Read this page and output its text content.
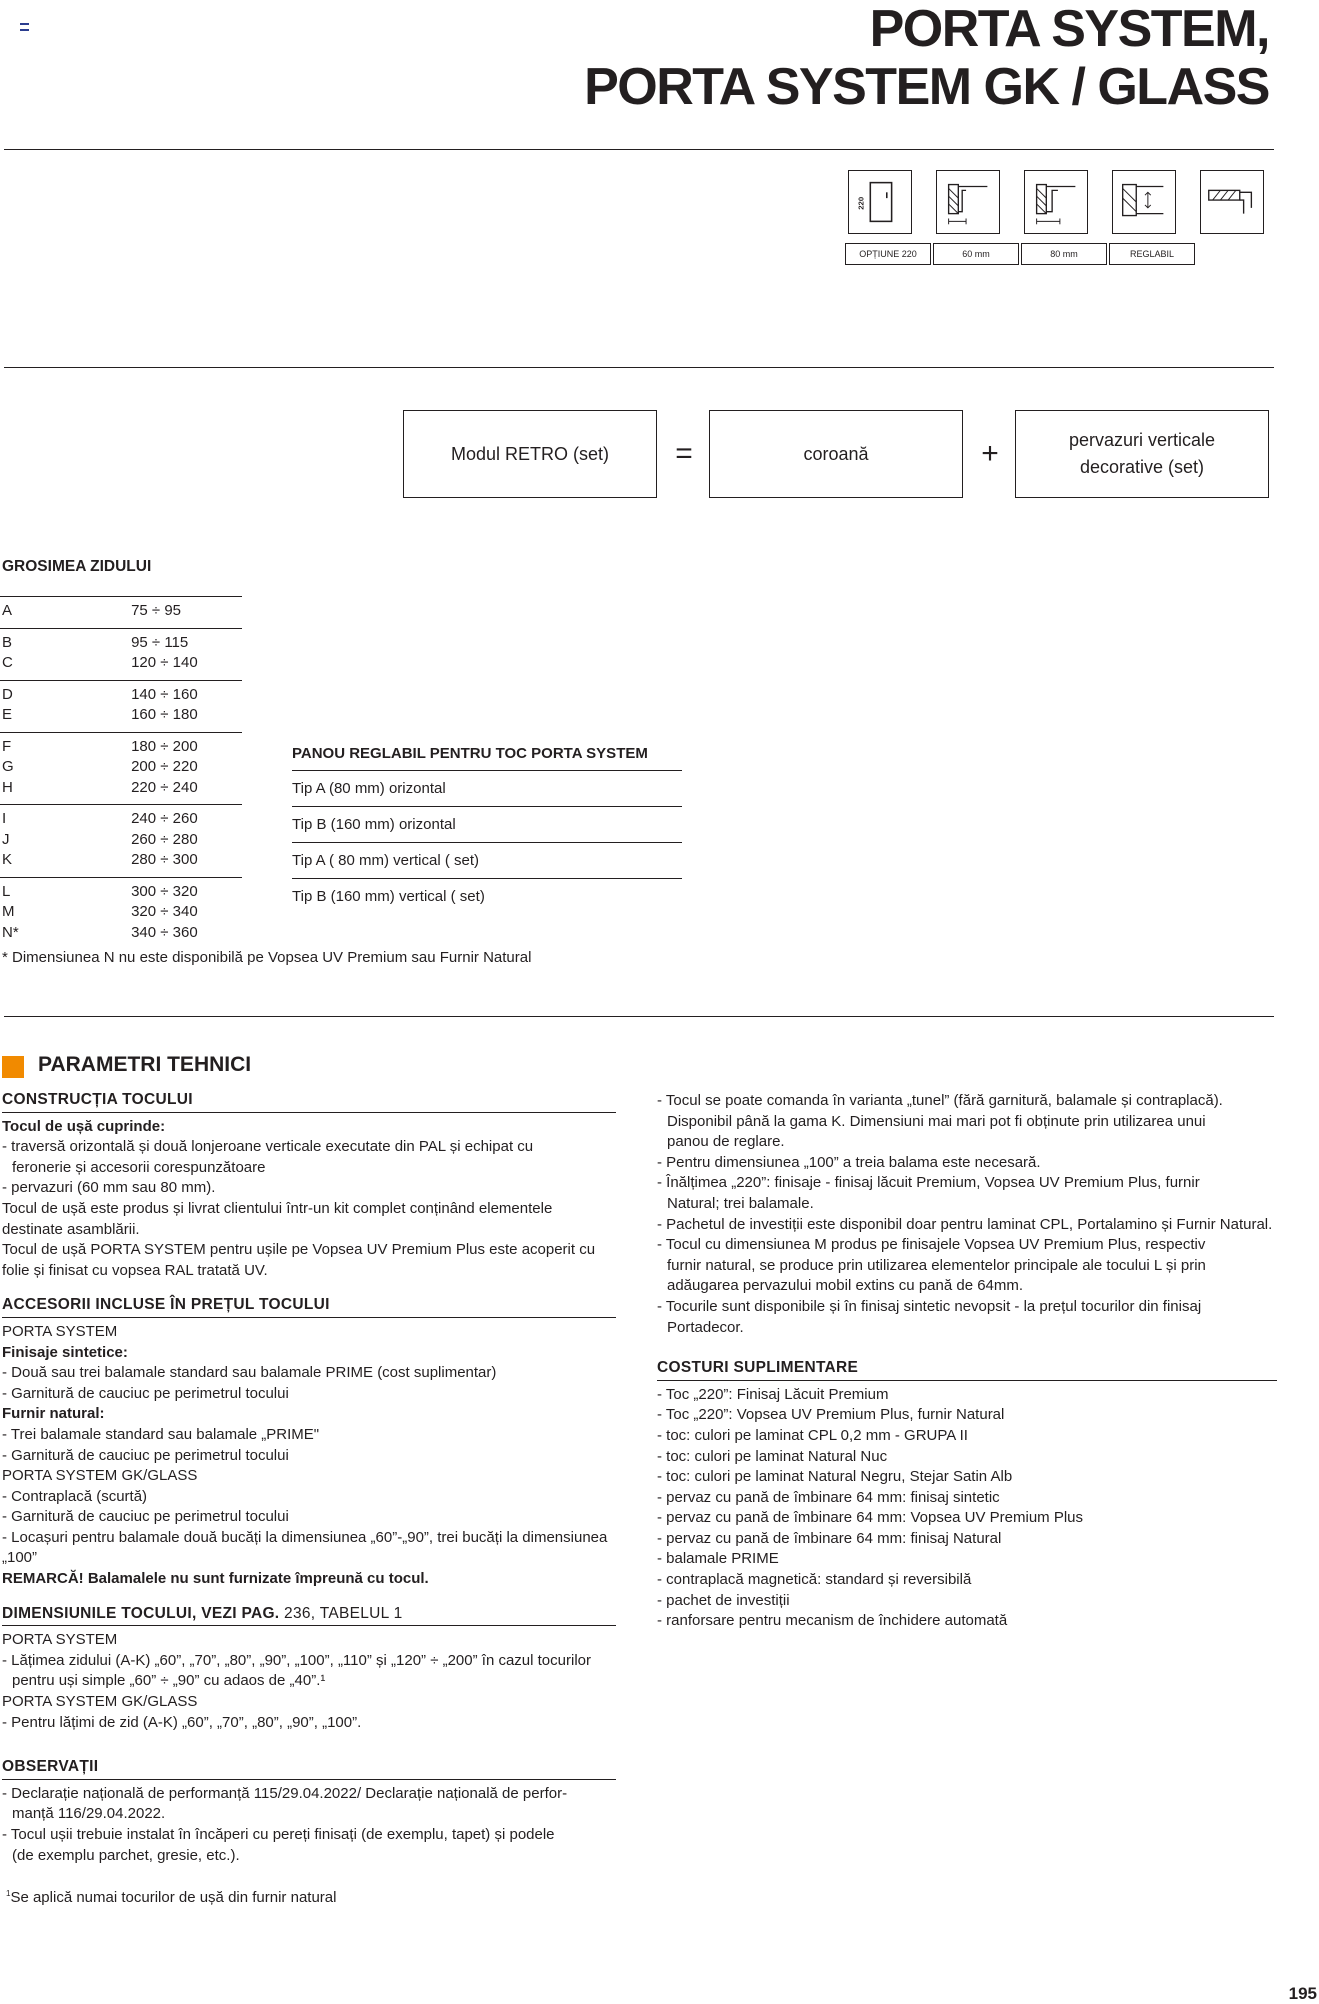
PORTA SYSTEM,
PORTA SYSTEM GK / GLASS
220
OPȚIUNE 220	60 mm	80 mm	REGLABIL
Modul RETRO (set)	=	coroană	+	pervazuri verticale
decorative (set)
GROSIMEA ZIDULUI
A	75 ÷ 95
B	95 ÷ 115
C	120 ÷ 140
D	140 ÷ 160
E	160 ÷ 180
F	180 ÷ 200
G	200 ÷ 220
H	220 ÷ 240
I	240 ÷ 260
J	260 ÷ 280
K	280 ÷ 300
L	300 ÷ 320
M	320 ÷ 340
N*	340 ÷ 360
PANOU REGLABIL PENTRU TOC PORTA SYSTEM
Tip A (80 mm) orizontal
Tip B (160 mm) orizontal
Tip A ( 80 mm) vertical ( set)
Tip B (160 mm) vertical ( set)
* Dimensiunea N nu este disponibilă pe Vopsea UV Premium sau Furnir Natural
PARAMETRI TEHNICI
CONSTRUCȚIA TOCULUI
Tocul de ușă cuprinde:
- traversă orizontală și două lonjeroane verticale executate din PAL și echipat cu
feronerie și accesorii corespunzătoare
- pervazuri (60 mm sau 80 mm).
Tocul de ușă este produs și livrat clientului într-un kit complet conținând elementele
destinate asamblării.
Tocul de ușă PORTA SYSTEM pentru ușile pe Vopsea UV Premium Plus este acoperit cu
folie și finisat cu vopsea RAL tratată UV.
ACCESORII INCLUSE ÎN PREȚUL TOCULUI
PORTA SYSTEM
Finisaje sintetice:
- Două sau trei balamale standard sau balamale PRIME (cost suplimentar)
- Garnitură de cauciuc pe perimetrul tocului
Furnir natural:
- Trei balamale standard sau balamale „PRIME"
- Garnitură de cauciuc pe perimetrul tocului
PORTA SYSTEM GK/GLASS
- Contraplacă (scurtă)
- Garnitură de cauciuc pe perimetrul tocului
- Locașuri pentru balamale două bucăți la dimensiunea „60”-„90”, trei bucăți la dimensiunea „100”
REMARCĂ! Balamalele nu sunt furnizate împreună cu tocul.
DIMENSIUNILE TOCULUI, VEZI PAG. 236, TABELUL 1
PORTA SYSTEM
- Lățimea zidului (A-K) „60”, „70”, „80”, „90”, „100”, „110” și „120” ÷ „200” în cazul tocurilor
pentru uși simple „60” ÷ „90” cu adaos de „40”.¹
PORTA SYSTEM GK/GLASS
- Pentru lățimi de zid (A-K) „60”, „70”, „80”, „90”, „100”.
OBSERVAȚII
- Declarație națională de performanță 115/29.04.2022/ Declarație națională de perfor-
manță 116/29.04.2022.
- Tocul ușii trebuie instalat în încăperi cu pereți finisați (de exemplu, tapet) și podele
(de exemplu parchet, gresie, etc.).
- Tocul se poate comanda în varianta „tunel” (fără garnitură, balamale și contraplacă).
Disponibil până la gama K. Dimensiuni mai mari pot fi obținute prin utilizarea unui
panou de reglare.
- Pentru dimensiunea „100” a treia balama este necesară.
- Înălțimea „220”: finisaje - finisaj lăcuit Premium, Vopsea UV Premium Plus, furnir
Natural; trei balamale.
- Pachetul de investiții este disponibil doar pentru laminat CPL, Portalamino și Furnir Natural.
- Tocul cu dimensiunea M produs pe finisajele Vopsea UV Premium Plus, respectiv
furnir natural, se produce prin utilizarea elementelor principale ale tocului L și prin
adăugarea pervazului mobil extins cu pană de 64mm.
- Tocurile sunt disponibile și în finisaj sintetic nevopsit - la prețul tocurilor din finisaj
Portadecor.
COSTURI SUPLIMENTARE
- Toc „220”: Finisaj Lăcuit Premium
- Toc „220”: Vopsea UV Premium Plus, furnir Natural
- toc: culori pe laminat CPL 0,2 mm - GRUPA II
- toc: culori pe laminat Natural Nuc
- toc: culori pe laminat Natural Negru, Stejar Satin Alb
- pervaz cu pană de îmbinare 64 mm: finisaj sintetic
- pervaz cu pană de îmbinare 64 mm: Vopsea UV Premium Plus
- pervaz cu pană de îmbinare 64 mm: finisaj Natural
- balamale PRIME
- contraplacă magnetică: standard și reversibilă
- pachet de investiții
- ranforsare pentru mecanism de închidere automată
$^1$Se aplică numai tocurilor de ușă din furnir natural
195
